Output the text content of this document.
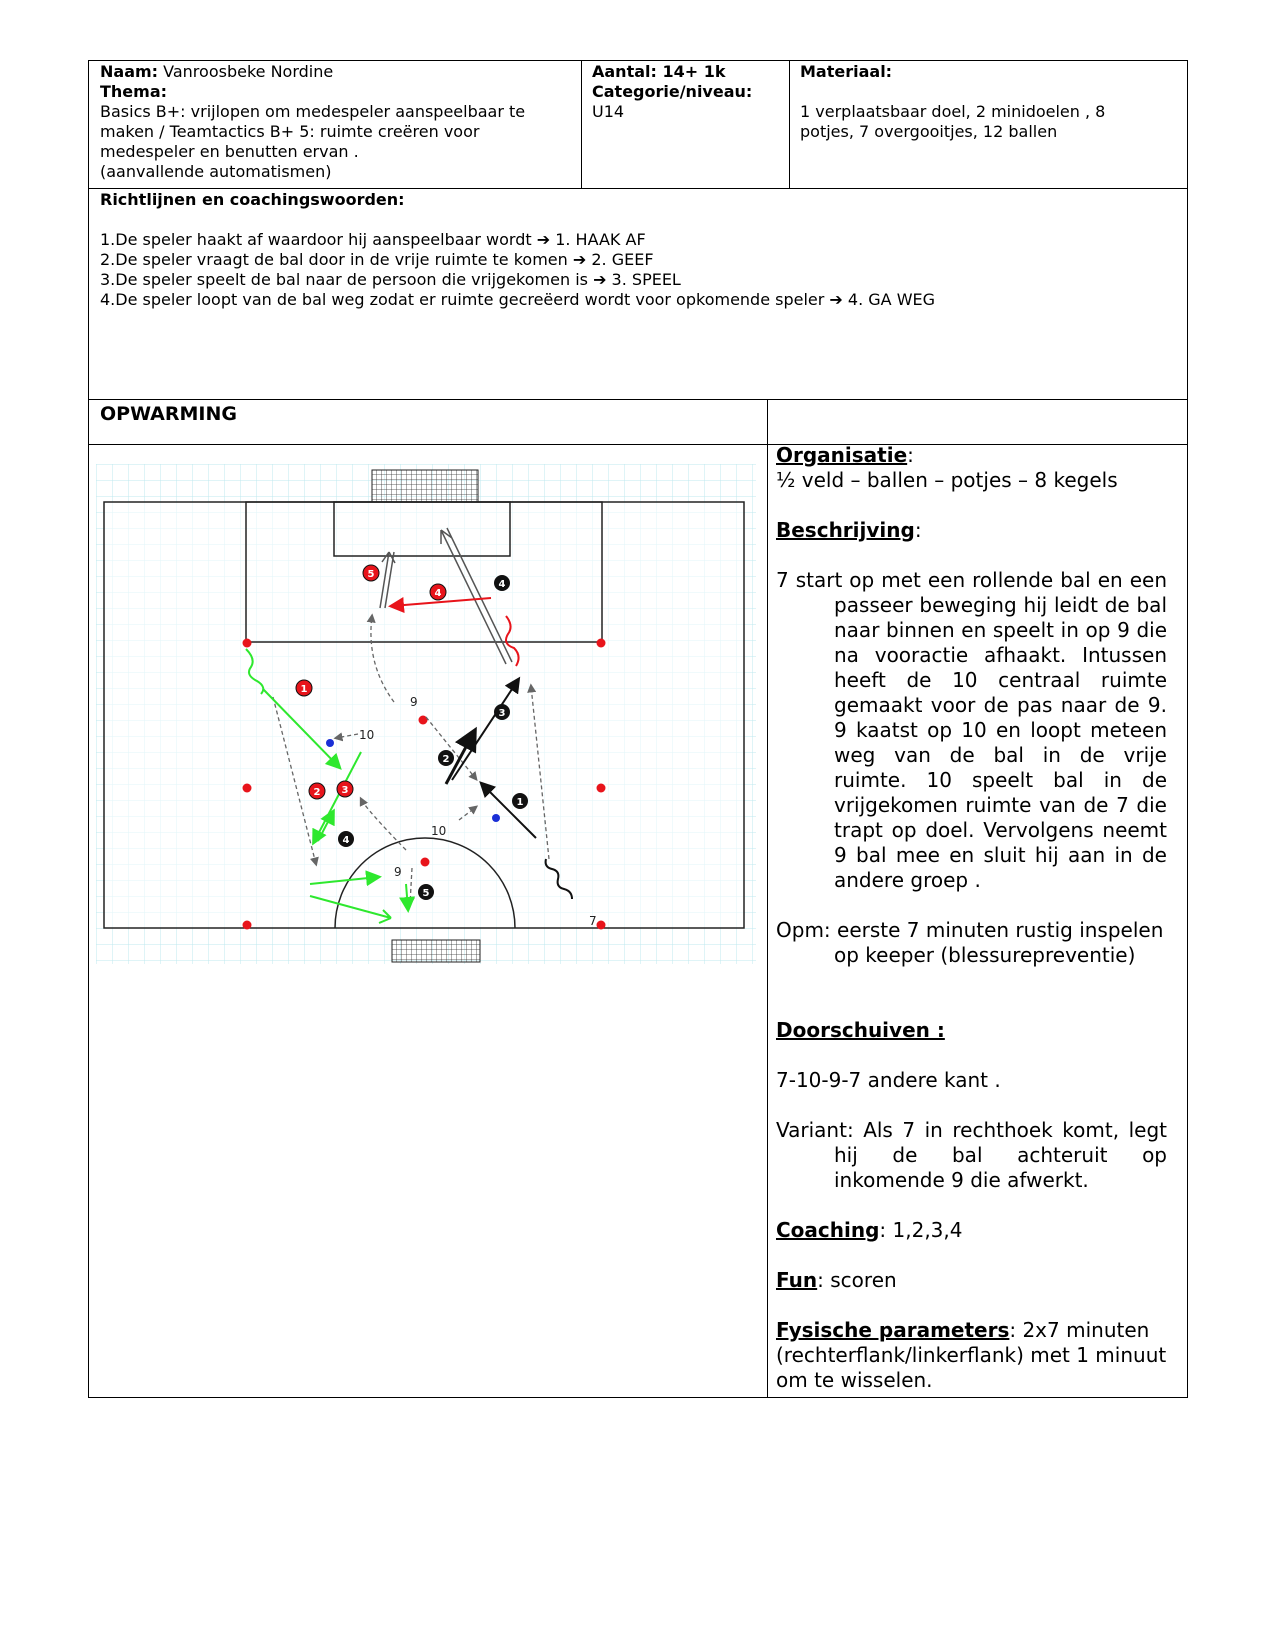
Naam: Vanroosbeke Nordine
Thema:
Basics B+: vrijlopen om medespeler aanspeelbaar te
maken / Teamtactics B+ 5: ruimte creëren voor
medespeler en benutten ervan .
(aanvallende automatismen)
Aantal: 14+ 1k
Categorie/niveau:
U14
Materiaal:
1 verplaatsbaar doel, 2 minidoelen , 8
potjes, 7 overgooitjes, 12 ballen
Richtlijnen en coachingswoorden:
1.De speler haakt af waardoor hij aanspeelbaar wordt ➔ 1. HAAK AF
2.De speler vraagt de bal door in de vrije ruimte te komen ➔ 2. GEEF
3.De speler speelt de bal naar de persoon die vrijgekomen is ➔ 3. SPEEL
4.De speler loopt van de bal weg zodat er ruimte gecreëerd wordt voor opkomende speler ➔ 4. GA WEG
OPWARMING
1
2 3
4
5
1
2
3
4
4
5
9
10
10
9
7
Organisatie:
½ veld – ballen – potjes – 8 kegels
Beschrijving:
7 start op met een rollende bal en een passeer beweging hij leidt de bal naar binnen en speelt in op 9 die na vooractie afhaakt. Intussen heeft de 10 centraal ruimte gemaakt voor de pas naar de 9. 9 kaatst op 10 en loopt meteen weg van de bal in de vrije ruimte. 10 speelt bal in de vrijgekomen ruimte van de 7 die trapt op doel. Vervolgens neemt 9 bal mee en sluit hij aan in de andere groep .
Opm: eerste 7 minuten rustig inspelen op keeper (blessurepreventie)
Doorschuiven :
7-10-9-7 andere kant .
Variant: Als 7 in rechthoek komt, legt hij de bal achteruit op inkomende 9 die afwerkt.
Coaching: 1,2,3,4
Fun: scoren
Fysische parameters: 2x7 minuten (rechterflank/linkerflank) met 1 minuut om te wisselen.
